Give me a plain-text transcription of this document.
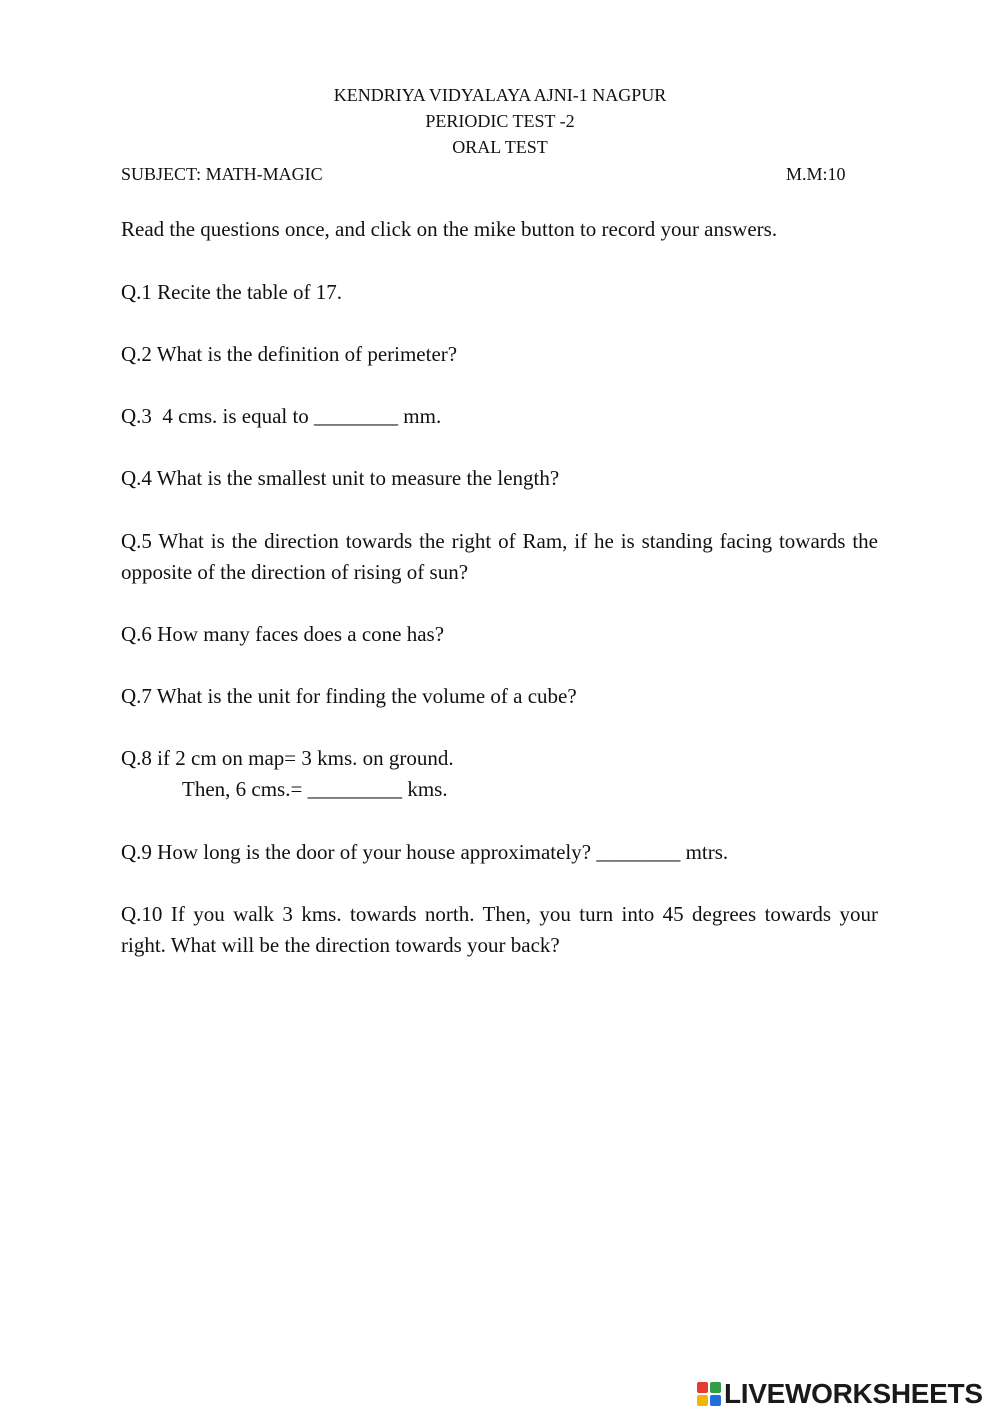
KENDRIYA VIDYALAYA AJNI-1 NAGPUR
PERIODIC TEST -2
ORAL TEST
SUBJECT: MATH-MAGIC	M.M:10
Read the questions once, and click on the mike button to record your answers.
Q.1 Recite the table of 17.
Q.2 What is the definition of perimeter?
Q.3  4 cms. is equal to ________ mm.
Q.4 What is the smallest unit to measure the length?
Q.5 What is the direction towards the right of Ram, if he is standing facing towards the opposite of the direction of rising of sun?
Q.6 How many faces does a cone has?
Q.7 What is the unit for finding the volume of a cube?
Q.8 if 2 cm on map= 3 kms. on ground.
Then, 6 cms.= _________ kms.
Q.9 How long is the door of your house approximately? ________ mtrs.
Q.10 If you walk 3 kms. towards north. Then, you turn into 45 degrees towards your right. What will be the direction towards your back?
LIVEWORKSHEETS
